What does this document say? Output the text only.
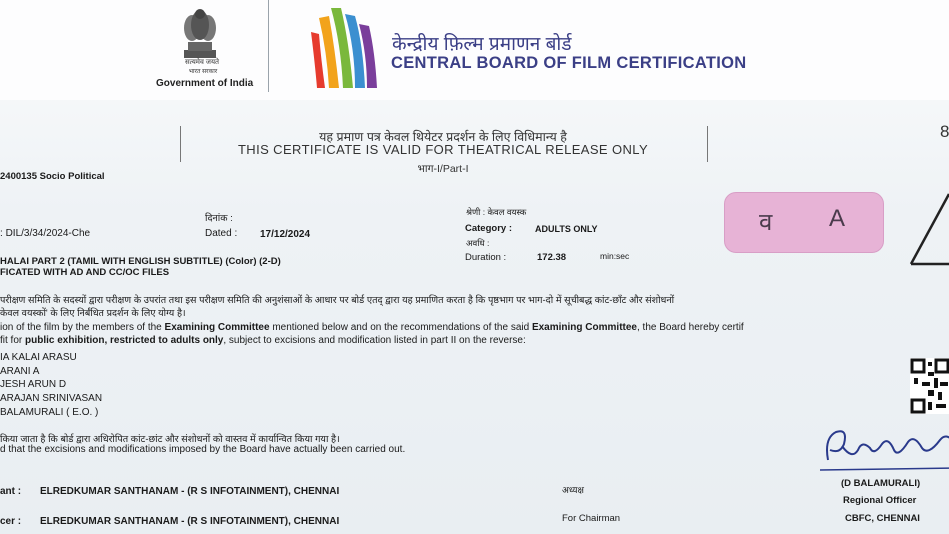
सत्यमेव जयते
भारत सरकार
Government of India
केन्द्रीय फ़िल्म प्रमाणन बोर्ड
CENTRAL BOARD OF FILM CERTIFICATION
यह प्रमाण पत्र केवल थियेटर प्रदर्शन के लिए विधिमान्य है
THIS CERTIFICATE IS VALID FOR THEATRICAL RELEASE ONLY
भाग-I/Part-I
8
2400135 Socio Political
दिनांक :
: DIL/3/34/2024-Che	Dated : 17/12/2024
श्रेणी : केवल वयस्क
Category :	ADULTS ONLY
अवधि :
Duration :	172.38	min:sec
HALAI PART 2 (TAMIL WITH ENGLISH SUBTITLE) (Color) (2-D)
FICATED WITH AD AND CC/OC FILES
व A
परीक्षण समिति के सदस्यों द्वारा परीक्षण के उपरांत तथा इस परीक्षण समिति की अनुशंसाओं के आधार पर बोर्ड एतद् द्वारा यह प्रमाणित करता है कि पृष्ठभाग पर भाग-दो में सूचीबद्ध कांट-छाँट और संशोधनों
केवल वयस्कों' के लिए निर्बंधित प्रदर्शन के लिए योग्य है।
ion of the film by the members of the Examining Committee mentioned below and on the recommendations of the said Examining Committee, the Board hereby certif
fit for public exhibition, restricted to adults only, subject to excisions and modification listed in part II on the reverse:
IA KALAI ARASU
ARANI A
JESH ARUN D
ARAJAN SRINIVASAN
BALAMURALI ( E.O. )
किया जाता है कि बोर्ड द्वारा अधिरोपित कांट-छांट और संशोधनों को वास्तव में कार्यान्वित किया गया है।
d that the excisions and modifications imposed by the Board have actually been carried out.
ant : ELREDKUMAR SANTHANAM - (R S INFOTAINMENT), CHENNAI	अध्यक्ष
cer : ELREDKUMAR SANTHANAM - (R S INFOTAINMENT), CHENNAI	For Chairman
(D BALAMURALI)
Regional Officer
CBFC, CHENNAI
